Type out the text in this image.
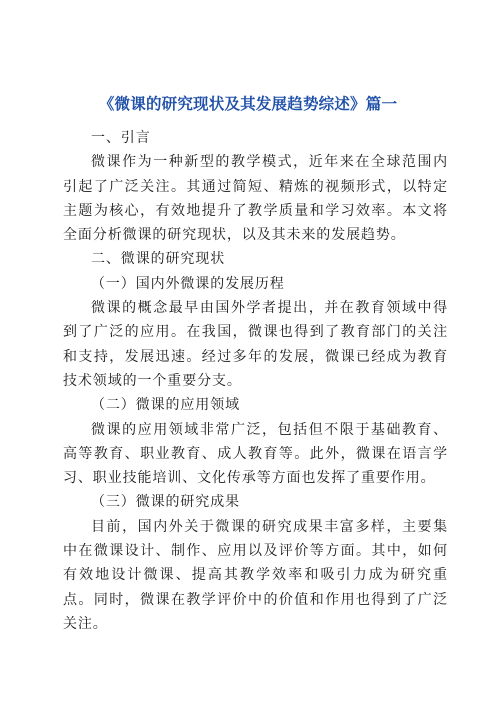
《微课的研究现状及其发展趋势综述》篇一

一、引言

微课作为一种新型的教学模式，近年来在全球范围内引起了广泛关注。其通过简短、精炼的视频形式，以特定主题为核心，有效地提升了教学质量和学习效率。本文将全面分析微课的研究现状，以及其未来的发展趋势。

二、微课的研究现状

（一）国内外微课的发展历程

微课的概念最早由国外学者提出，并在教育领域中得到了广泛的应用。在我国，微课也得到了教育部门的关注和支持，发展迅速。经过多年的发展，微课已经成为教育技术领域的一个重要分支。

（二）微课的应用领域

微课的应用领域非常广泛，包括但不限于基础教育、高等教育、职业教育、成人教育等。此外，微课在语言学习、职业技能培训、文化传承等方面也发挥了重要作用。

（三）微课的研究成果

目前，国内外关于微课的研究成果丰富多样，主要集中在微课设计、制作、应用以及评价等方面。其中，如何有效地设计微课、提高其教学效率和吸引力成为研究重点。同时，微课在教学评价中的价值和作用也得到了广泛关注。
